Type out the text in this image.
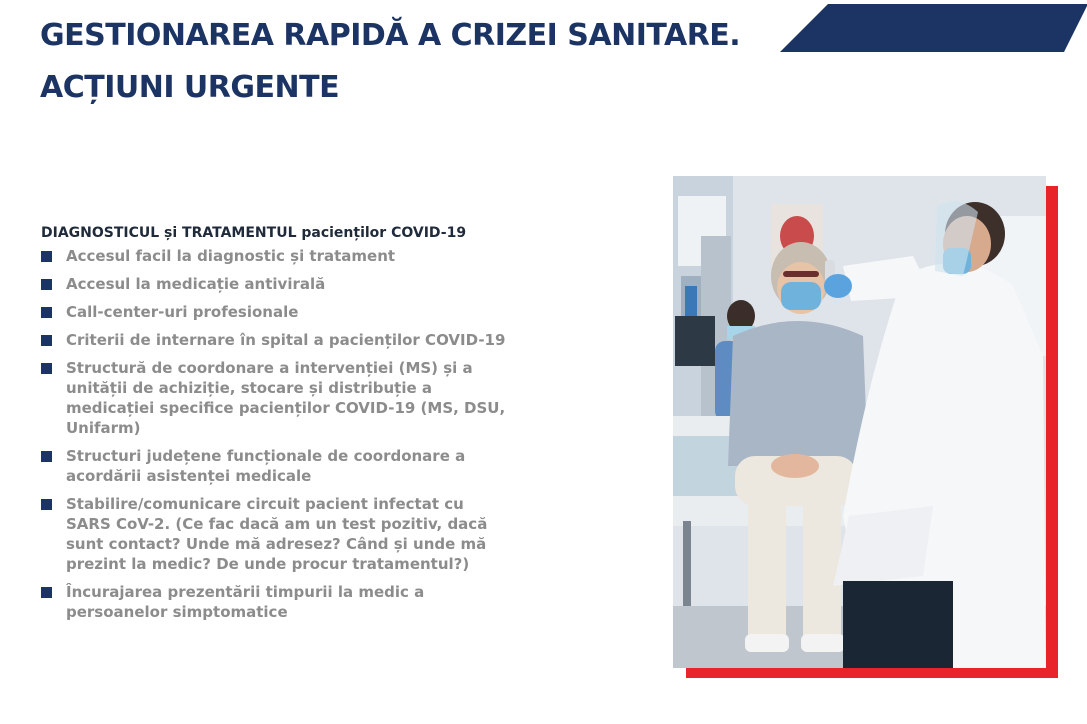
GESTIONAREA RAPIDĂ A CRIZEI SANITARE.
ACȚIUNI URGENTE

DIAGNOSTICUL și TRATAMENTUL pacienților COVID-19

Accesul facil la diagnostic și tratament
Accesul la medicație antivirală
Call-center-uri profesionale
Criterii de internare în spital a pacienților COVID-19
Structură de coordonare a intervenției (MS) și a unității de achiziție, stocare și distribuție a medicației specifice pacienților COVID-19 (MS, DSU, Unifarm)
Structuri județene funcționale de coordonare a acordării asistenței medicale
Stabilire/comunicare circuit pacient infectat cu SARS CoV-2. (Ce fac dacă am un test pozitiv, dacă sunt contact? Unde mă adresez? Când și unde mă prezint la medic? De unde procur tratamentul?)
Încurajarea prezentării timpurii la medic a persoanelor simptomatice
